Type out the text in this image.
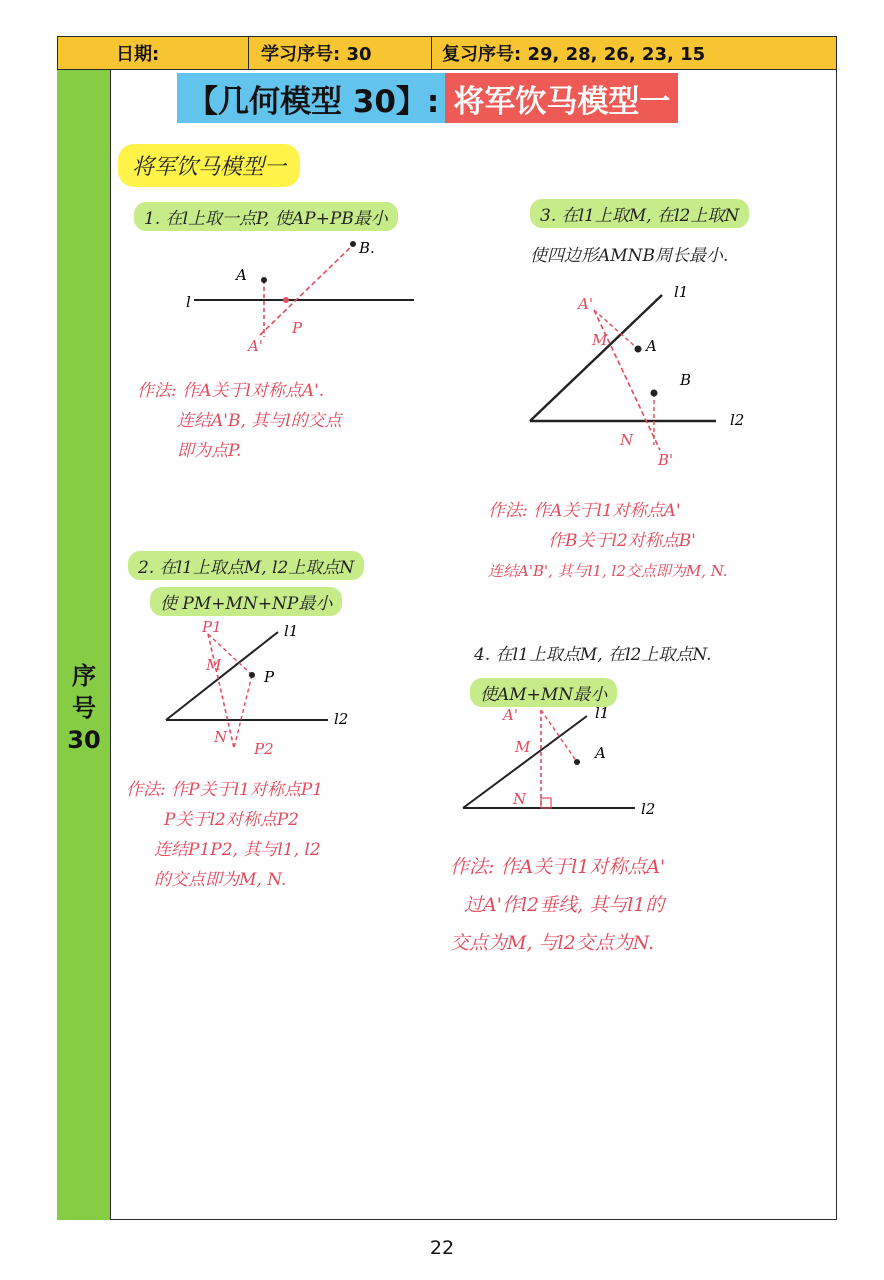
日期:	学习序号: 30	复习序号: 29, 28, 26, 23, 15
序
号
30
【几何模型 30】: 将军饮马模型一
将军饮马模型一
1. 在l上取一点P, 使AP+PB最小
A
B.
l
P
A'
作法: 作A关于l对称点A'.
连结A'B, 其与l的交点
即为点P.
2. 在l1上取点M, l2上取点N
使 PM+MN+NP最小
P1
M
P
l1
N
P2
l2
作法: 作P关于l1对称点P1
P关于l2对称点P2
连结P1P2, 其与l1, l2
的交点即为M, N.
3. 在l1上取M, 在l2上取N
使四边形AMNB周长最小.
A'
l1
M	A
B
l2
N
B'
作法: 作A关于l1对称点A'
作B关于l2对称点B'
连结A'B', 其与l1, l2交点即为M, N.
4. 在l1上取点M, 在l2上取点N.
使AM+MN最小
A'	l1
M	A
N
l2
作法: 作A关于l1对称点A'
过A'作l2垂线, 其与l1的
交点为M, 与l2交点为N.
22
